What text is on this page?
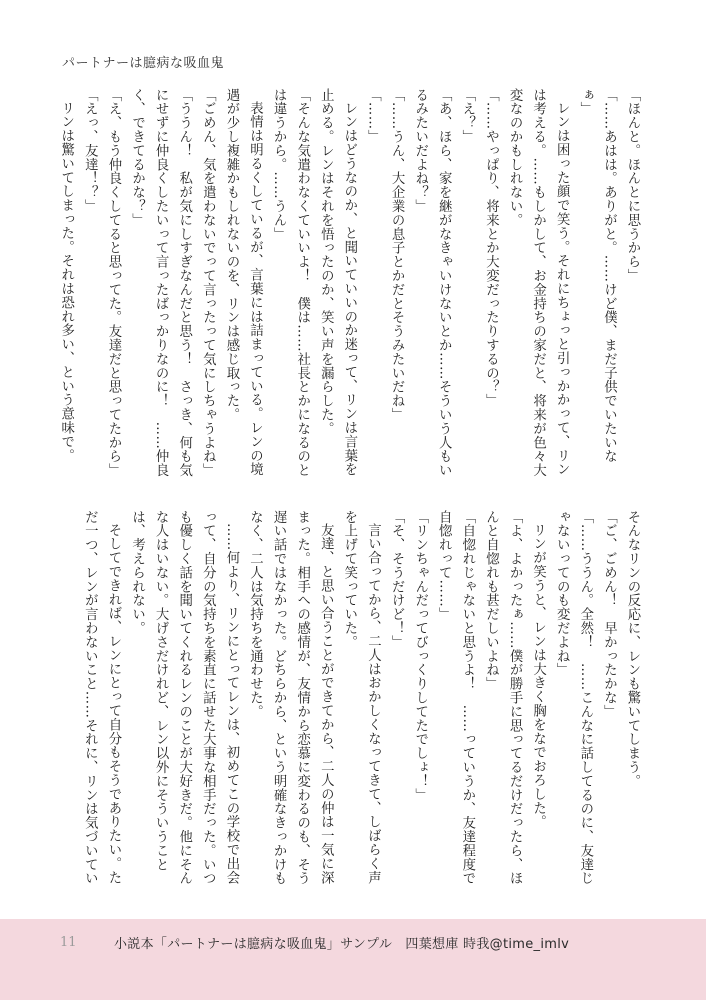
パートナーは臆病な吸血鬼

「ほんと。ほんとに思うから」

「……あはは。ありがと。……けど僕、まだ子供でいたいなぁ」

レンは困った顔で笑う。それにちょっと引っかかって、リンは考える。……もしかして、お金持ちの家だと、将来が色々大変なのかもしれない。

「……やっぱり、将来とか大変だったりするの？」

「え？」

「あ、ほら、家を継がなきゃいけないとか……そういう人もいるみたいだよね？」

「……うん、大企業の息子とかだとそうみたいだね」

「……」

レンはどうなのか、と聞いていいのか迷って、リンは言葉を止める。レンはそれを悟ったのか、笑い声を漏らした。

「そんな気遣わなくていいよ！　僕は……社長とかになるのとは違うから。……うん」

表情は明るくしているが、言葉には詰まっている。レンの境遇が少し複雑かもしれないのを、リンは感じ取った。

「ごめん、気を遣わないでって言ったって気にしちゃうよね」

「ううん！　私が気にしすぎなんだと思う！　さっき、何も気にせずに仲良くしたいって言ったばっかりなのに！　……仲良く、できてるかな？」

「え、もう仲良くしてると思ってた。友達だと思ってたから」

「えっ、友達！？」

リンは驚いてしまった。それは恐れ多い、という意味で。

そんなリンの反応に、レンも驚いてしまう。

「ご、ごめん！　早かったかな」

「……ううん。全然！　……こんなに話してるのに、友達じゃないってのも変だよね」

リンが笑うと、レンは大きく胸をなでおろした。

「よ、よかったぁ……僕が勝手に思ってるだけだったら、ほんと自惚れも甚だしいよね」

「自惚れじゃないと思うよ！　……っていうか、友達程度で自惚れって……」

「リンちゃんだってびっくりしてたでしょ！」

「そ、そうだけど！」

言い合ってから、二人はおかしくなってきて、しばらく声を上げて笑っていた。

友達、と思い合うことができてから、二人の仲は一気に深まった。相手への感情が、友情から恋慕に変わるのも、そう遅い話ではなかった。どちらから、という明確なきっかけもなく、二人は気持ちを通わせた。

……何より、リンにとってレンは、初めてこの学校で出会って、自分の気持ちを素直に話せた大事な相手だった。いつも優しく話を聞いてくれるレンのことが大好きだ。他にそんな人はいない。大げさだけれど、レン以外にそういうことは、考えられない。

そしてできれば、レンにとって自分もそうでありたい。ただ一つ、レンが言わないこと……それに、リンは気づいてい

11	小説本「パートナーは臆病な吸血鬼」サンプル　四葉想庫 時我@time_imlv
